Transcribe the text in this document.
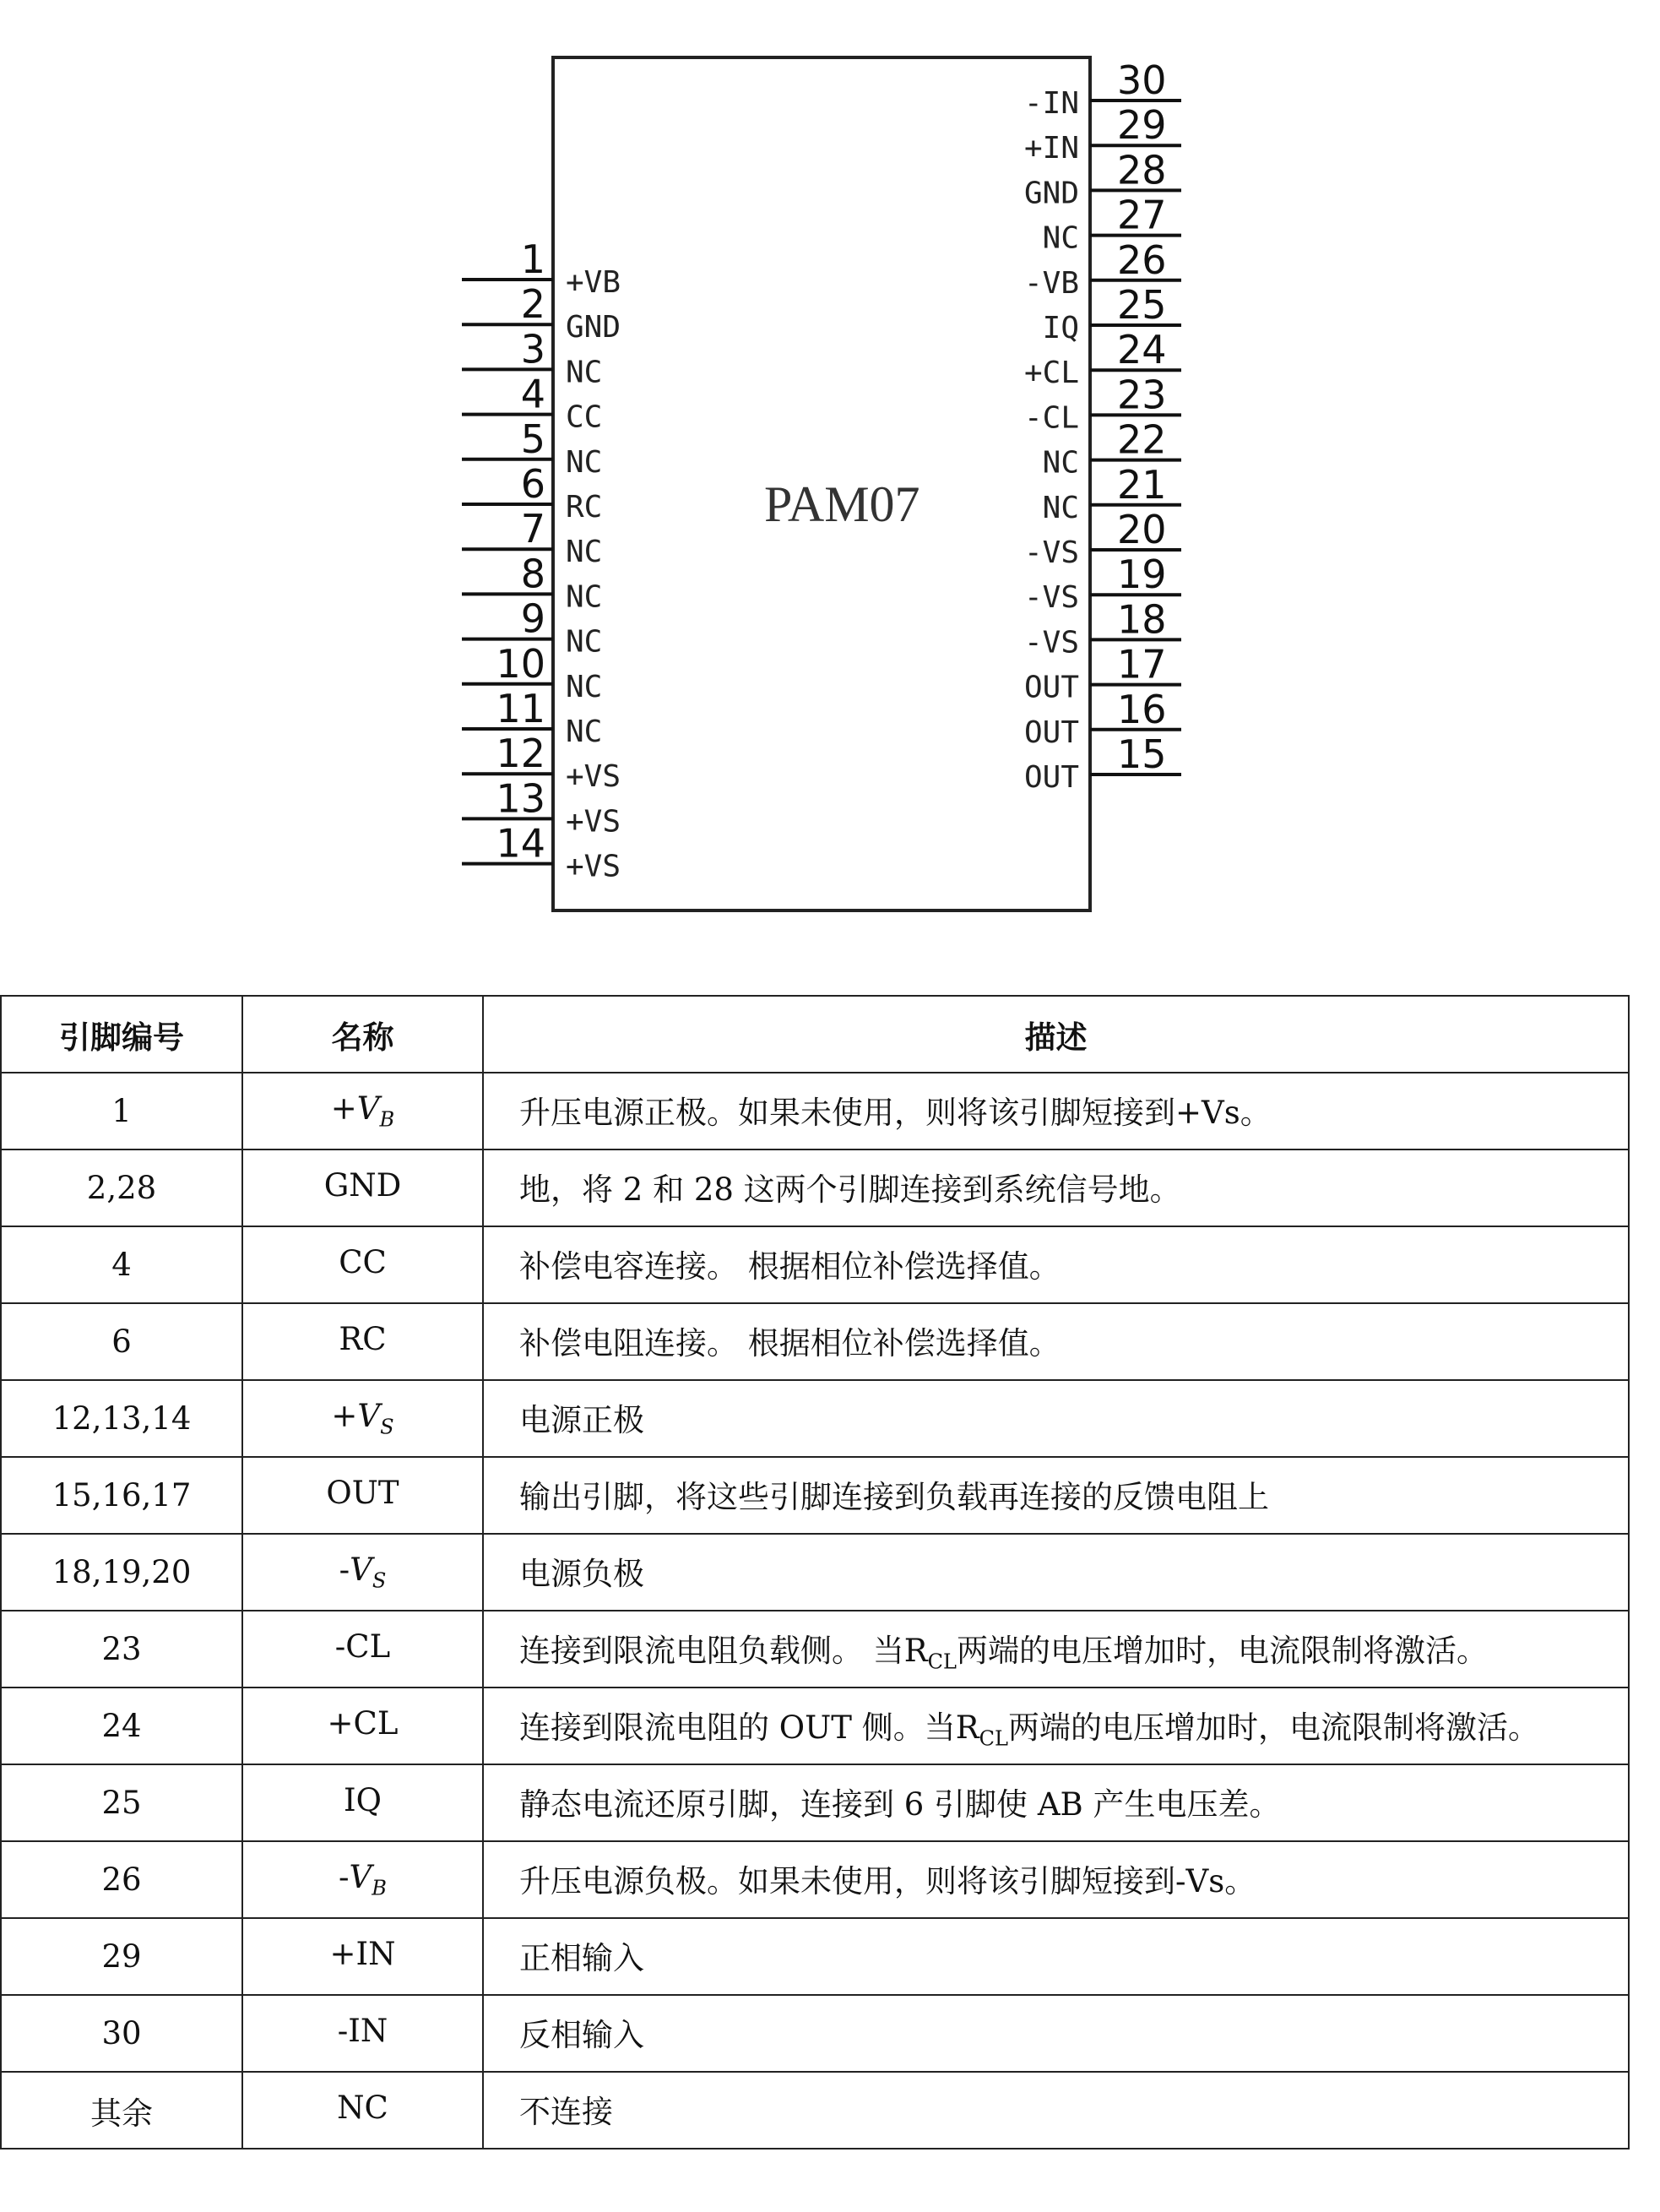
PAM07
1
+VB
2
GND
3
NC
4
CC
5
NC
6
RC
7
NC
8
NC
9
NC
10
NC
11
NC
12
+VS
13
+VS
14
+VS
30
-IN 29
+IN 28
GND 27
NC 26
-VB 25
IQ 24
+CL 23
-CL 22
NC 21
NC 20
-VS 19
-VS 18
-VS 17
OUT 16
OUT 15
OUT
引脚编号	名称	描述
1	$+V_B$	升压电源正极。如果未使用，则将该引脚短接到+Vs。
2,28	GND	地，将 2 和 28 这两个引脚连接到系统信号地。
4	CC	补偿电容连接。 根据相位补偿选择值。
6	RC	补偿电阻连接。 根据相位补偿选择值。
12,13,14	$+V_S$	电源正极
15,16,17	OUT	输出引脚，将这些引脚连接到负载再连接的反馈电阻上
18,19,20	$-V_S$	电源负极
23	-CL	连接到限流电阻负载侧。 当$R_{CL}$两端的电压增加时，电流限制将激活。
24	+CL	连接到限流电阻的 OUT 侧。当$R_{CL}$两端的电压增加时，电流限制将激活。
25	IQ	静态电流还原引脚，连接到 6 引脚使 AB 产生电压差。
26	$-V_B$	升压电源负极。如果未使用，则将该引脚短接到-Vs。
29	+IN	正相输入
30	-IN	反相输入
其余	NC	不连接
